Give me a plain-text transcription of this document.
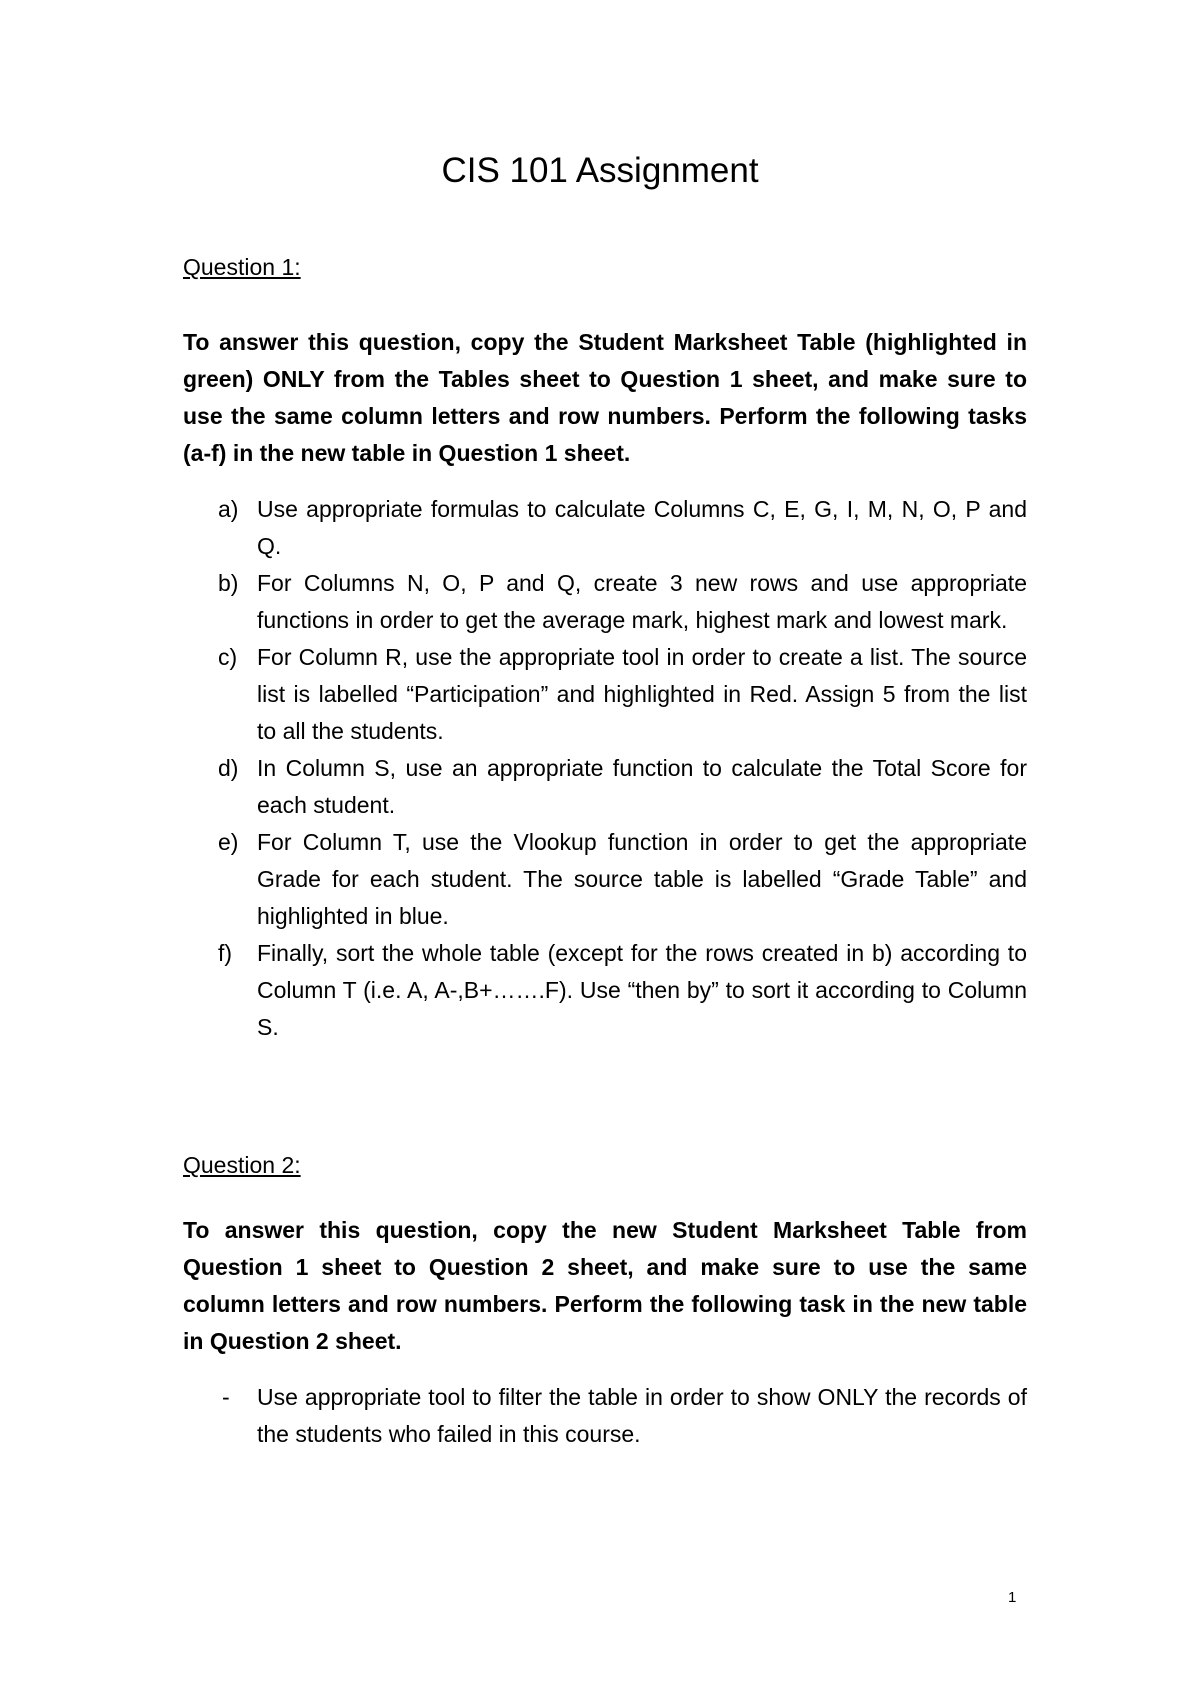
CIS 101 Assignment
Question 1:

To answer this question, copy the Student Marksheet Table (highlighted in green) ONLY from the Tables sheet to Question 1 sheet, and make sure to use the same column letters and row numbers. Perform the following tasks (a-f) in the new table in Question 1 sheet.

a) Use appropriate formulas to calculate Columns C, E, G, I, M, N, O, P and Q.
b) For Columns N, O, P and Q, create 3 new rows and use appropriate functions in order to get the average mark, highest mark and lowest mark.
c) For Column R, use the appropriate tool in order to create a list. The source list is labelled “Participation” and highlighted in Red. Assign 5 from the list to all the students.
d) In Column S, use an appropriate function to calculate the Total Score for each student.
e) For Column T, use the Vlookup function in order to get the appropriate Grade for each student. The source table is labelled “Grade Table” and highlighted in blue.
f) Finally, sort the whole table (except for the rows created in b) according to Column T (i.e. A, A-,B+…….F). Use “then by” to sort it according to Column S.
Question 2:

To answer this question, copy the new Student Marksheet Table from Question 1 sheet to Question 2 sheet, and make sure to use the same column letters and row numbers. Perform the following task in the new table in Question 2 sheet.

- Use appropriate tool to filter the table in order to show ONLY the records of the students who failed in this course.
1
